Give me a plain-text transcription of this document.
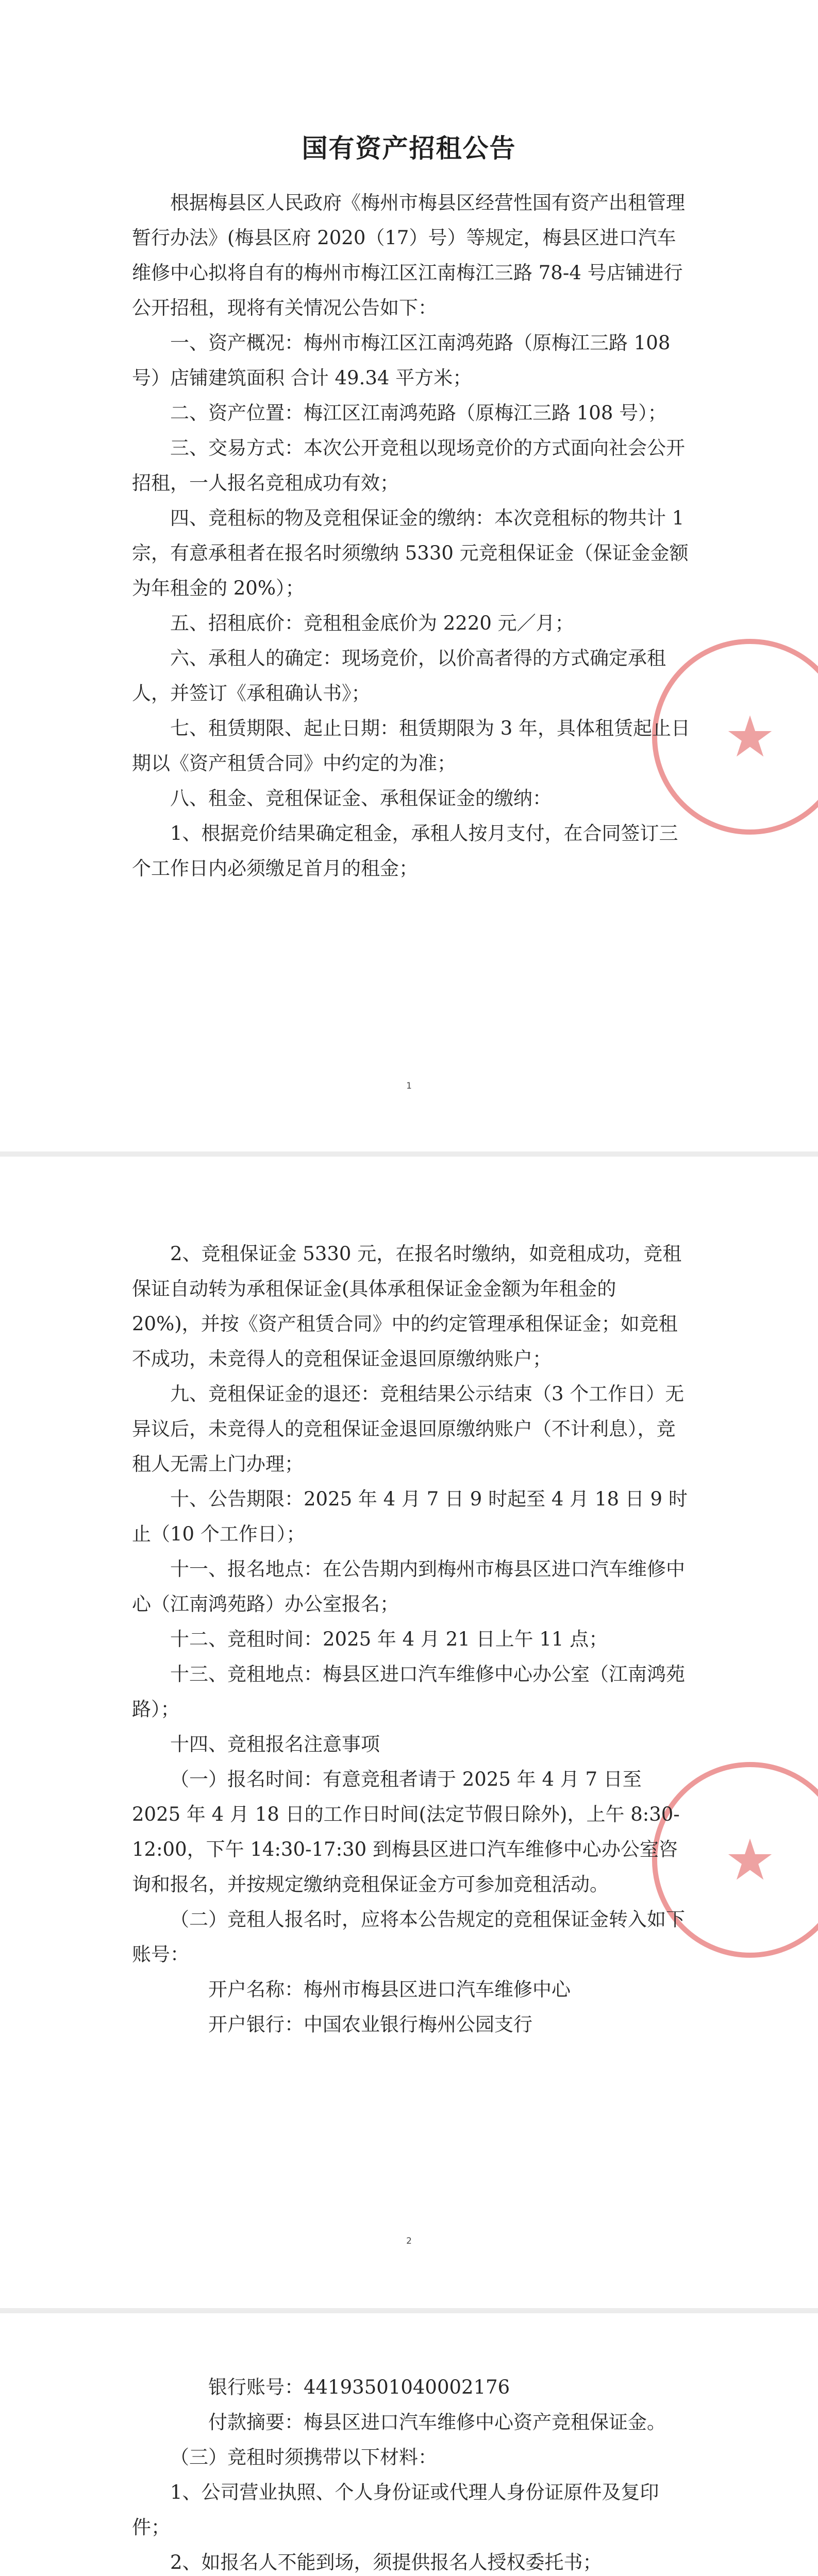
国有资产招租公告
★

根据梅县区人民政府《梅州市梅县区经营性国有资产出租管理暂行办法》(梅县区府 2020（17）号）等规定，梅县区进口汽车维修中心拟将自有的梅州市梅江区江南梅江三路 78-4 号店铺进行公开招租，现将有关情况公告如下：

一、资产概况：梅州市梅江区江南鸿苑路（原梅江三路 108号）店铺建筑面积 合计 49.34 平方米；

二、资产位置：梅江区江南鸿苑路（原梅江三路 108 号）；

三、交易方式：本次公开竞租以现场竞价的方式面向社会公开招租，一人报名竞租成功有效；

四、竞租标的物及竞租保证金的缴纳：本次竞租标的物共计 1 宗，有意承租者在报名时须缴纳 5330 元竞租保证金（保证金金额为年租金的 20%）；

五、招租底价：竞租租金底价为 2220 元／月；

六、承租人的确定：现场竞价，以价高者得的方式确定承租人，并签订《承租确认书》；

七、租赁期限、起止日期：租赁期限为 3 年，具体租赁起止日期以《资产租赁合同》中约定的为准；

八、租金、竞租保证金、承租保证金的缴纳：

1、根据竞价结果确定租金，承租人按月支付，在合同签订三个工作日内必须缴足首月的租金；

1
2
★

2、竞租保证金 5330 元，在报名时缴纳，如竞租成功，竞租保证自动转为承租保证金(具体承租保证金金额为年租金的 20%)，并按《资产租赁合同》中的约定管理承租保证金；如竞租不成功，未竞得人的竞租保证金退回原缴纳账户；

九、竞租保证金的退还：竞租结果公示结束（3 个工作日）无异议后，未竞得人的竞租保证金退回原缴纳账户（不计利息），竞租人无需上门办理；

十、公告期限：2025 年 4 月 7 日 9 时起至 4 月 18 日 9 时止（10 个工作日）；

十一、报名地点：在公告期内到梅州市梅县区进口汽车维修中心（江南鸿苑路）办公室报名；

十二、竞租时间：2025 年 4 月 21 日上午 11 点；

十三、竞租地点：梅县区进口汽车维修中心办公室（江南鸿苑路）；

十四、竞租报名注意事项

（一）报名时间：有意竞租者请于 2025 年 4 月 7 日至 2025 年 4 月 18 日的工作日时间(法定节假日除外)，上午 8:30-12:00，下午 14:30-17:30 到梅县区进口汽车维修中心办公室咨询和报名，并按规定缴纳竞租保证金方可参加竞租活动。

（二）竞租人报名时，应将本公告规定的竞租保证金转入如下账号：

开户名称：梅州市梅县区进口汽车维修中心

开户银行：中国农业银行梅州公园支行

银行账号：44193501040002176

付款摘要：梅县区进口汽车维修中心资产竞租保证金。

（三）竞租时须携带以下材料：

1、公司营业执照、个人身份证或代理人身份证原件及复印件；

2、如报名人不能到场，须提供报名人授权委托书；
